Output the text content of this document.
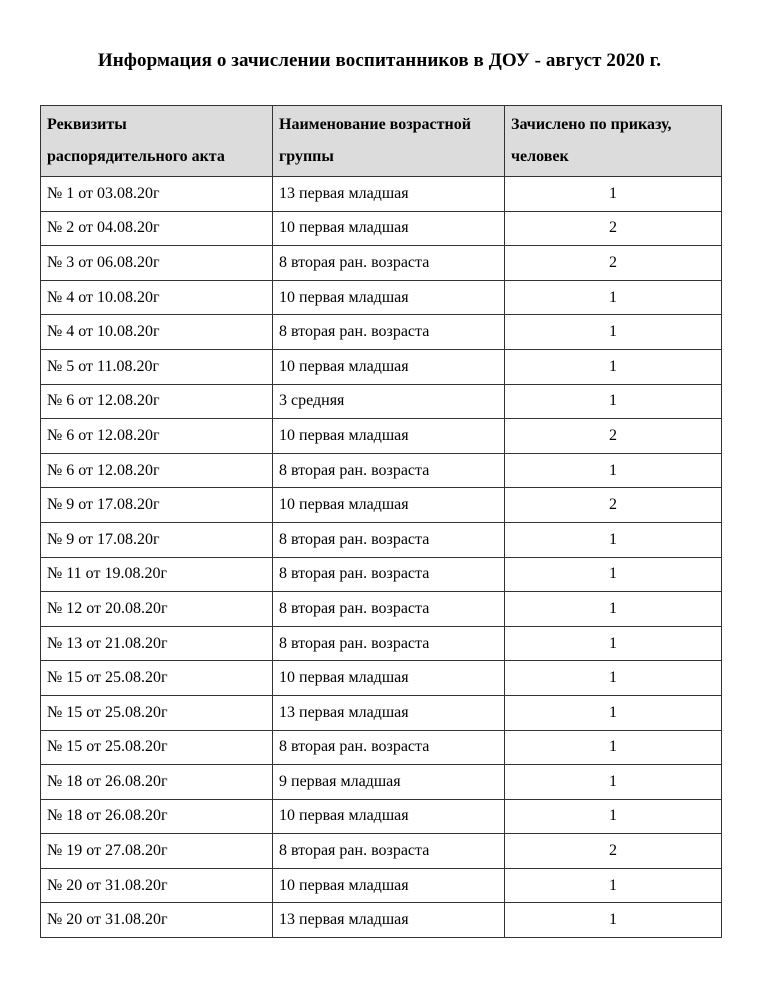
Информация о зачислении воспитанников в ДОУ - август 2020 г.
Реквизиты распорядительного акта	Наименование возрастной группы	Зачислено по приказу, человек
№ 1 от 03.08.20г	13 первая младшая	1
№ 2 от 04.08.20г	10 первая младшая	2
№ 3 от 06.08.20г	8 вторая ран. возраста	2
№ 4 от 10.08.20г	10 первая младшая	1
№ 4 от 10.08.20г	8 вторая ран. возраста	1
№ 5 от 11.08.20г	10 первая младшая	1
№ 6 от 12.08.20г	3 средняя	1
№ 6 от 12.08.20г	10 первая младшая	2
№ 6 от 12.08.20г	8 вторая ран. возраста	1
№ 9 от 17.08.20г	10 первая младшая	2
№ 9 от 17.08.20г	8 вторая ран. возраста	1
№ 11 от 19.08.20г	8 вторая ран. возраста	1
№ 12 от 20.08.20г	8 вторая ран. возраста	1
№ 13 от 21.08.20г	8 вторая ран. возраста	1
№ 15 от 25.08.20г	10 первая младшая	1
№ 15 от 25.08.20г	13 первая младшая	1
№ 15 от 25.08.20г	8 вторая ран. возраста	1
№ 18 от 26.08.20г	9 первая младшая	1
№ 18 от 26.08.20г	10 первая младшая	1
№ 19 от 27.08.20г	8 вторая ран. возраста	2
№ 20 от 31.08.20г	10 первая младшая	1
№ 20 от 31.08.20г	13 первая младшая	1
